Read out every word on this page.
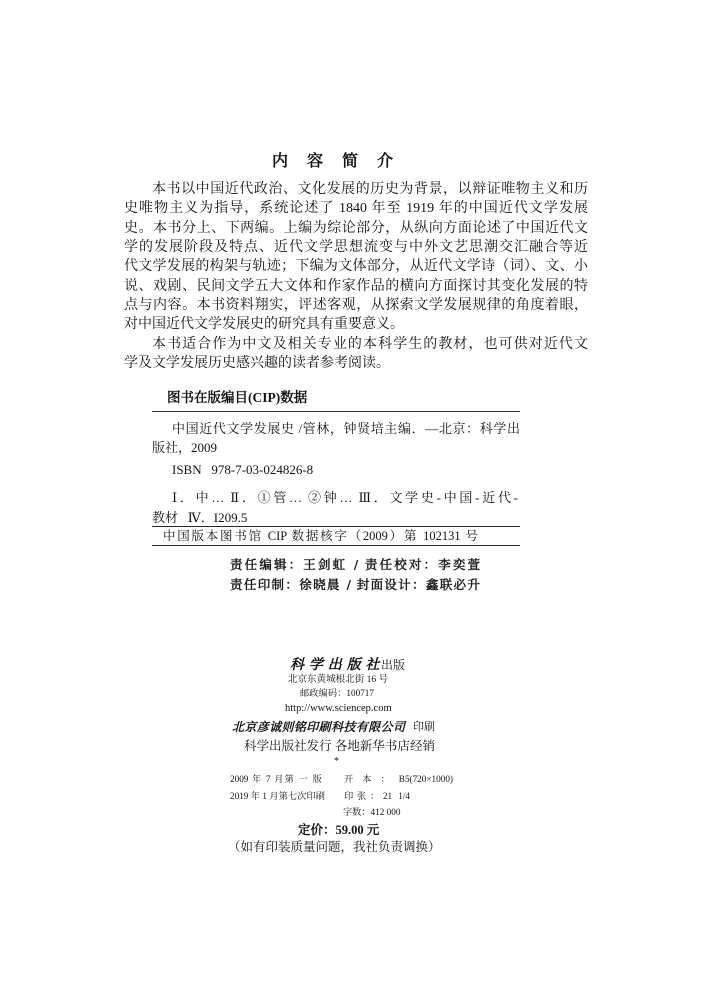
内 容 简 介
本书以中国近代政治、文化发展的历史为背景，以辩证唯物主义和历
史唯物主义为指导，系统论述了 1840 年至 1919 年的中国近代文学发展
史。本书分上、下两编。上编为综论部分，从纵向方面论述了中国近代文
学的发展阶段及特点、近代文学思想流变与中外文艺思潮交汇融合等近
代文学发展的构架与轨迹；下编为文体部分，从近代文学诗（词）、文、小
说、戏剧、民间文学五大文体和作家作品的横向方面探讨其变化发展的特
点与内容。本书资料翔实，评述客观，从探索文学发展规律的角度着眼，
对中国近代文学发展史的研究具有重要意义。
本书适合作为中文及相关专业的本科学生的教材，也可供对近代文
学及文学发展历史感兴趣的读者参考阅读。
图书在版编目(CIP)数据
中国近代文学发展史 /管林，钟贤培主编．—北京：科学出
版社，2009
ISBN   978-7-03-024826-8
Ⅰ．中… Ⅱ．①管… ②钟… Ⅲ．文学史-中国-近代-
教材   Ⅳ．I209.5
中国版本图书馆 CIP 数据核字（2009）第 102131 号
责任编辑：王剑虹 / 责任校对：李奕萱
责任印制：徐晓晨 / 封面设计：鑫联必升
科 学 出 版 社 出版
北京东黄城根北街 16 号
邮政编码：100717
http://www.sciencep.com
北京彦诚则铭印刷科技有限公司 印刷
科学出版社发行 各地新华书店经销
*
2009 年 7 月第 一 版 开本：B5(720×1000)
2019 年 1 月第七次印刷 印张：21 1/4
字数：412 000
定价：59.00 元
（如有印装质量问题，我社负责调换）
